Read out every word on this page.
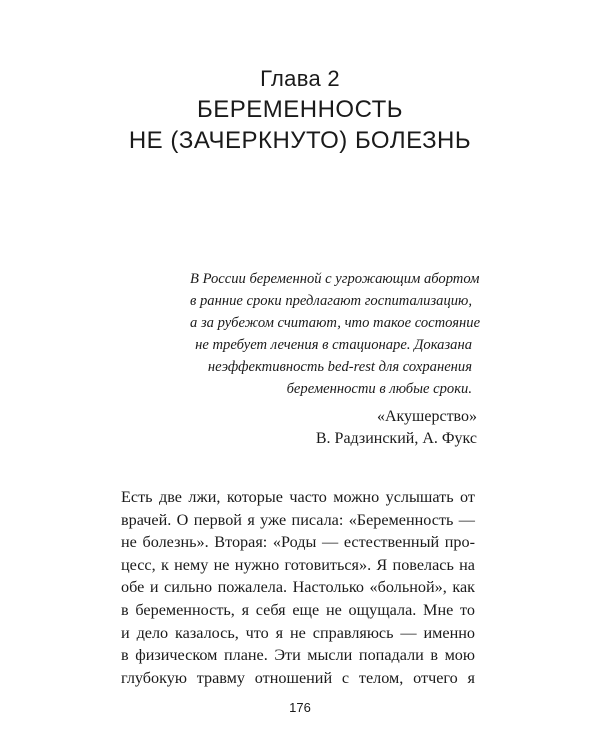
Глава 2
БЕРЕМЕННОСТЬ
НЕ (ЗАЧЕРКНУТО) БОЛЕЗНЬ
В России беременной с угрожающим абортом
в ранние сроки предлагают госпитализацию,
а за рубежом считают, что такое состояние
не требует лечения в стационаре. Доказана
неэффективность bed-rest для сохранения
беременности в любые сроки.
«Акушерство»
В. Радзинский, А. Фукс
Есть две лжи, которые часто можно услышать от
врачей. О первой я уже писала: «Беременность —
не болезнь». Вторая: «Роды — естественный про-
цесс, к нему не нужно готовиться». Я повелась на
обе и сильно пожалела. Настолько «больной», как
в беременность, я себя еще не ощущала. Мне то
и дело казалось, что я не справляюсь — именно
в физическом плане. Эти мысли попадали в мою
глубокую травму отношений с телом, отчего я
176
